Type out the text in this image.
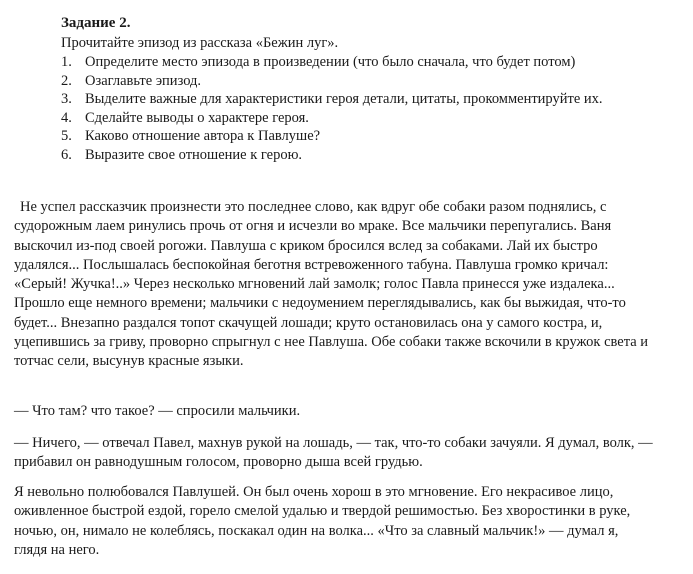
Задание 2.
Прочитайте эпизод из рассказа «Бежин луг».
1. Определите место эпизода в произведении (что было сначала, что будет потом)
2. Озаглавьте эпизод.
3. Выделите важные для характеристики героя детали, цитаты, прокомментируйте их.
4. Сделайте выводы о характере героя.
5. Каково отношение автора к Павлуше?
6. Выразите свое отношение к герою.

Не успел рассказчик произнести это последнее слово, как вдруг обе собаки разом поднялись, с судорожным лаем ринулись прочь от огня и исчезли во мраке. Все мальчики перепугались. Ваня выскочил из-под своей рогожи. Павлуша с криком бросился вслед за собаками. Лай их быстро удалялся... Послышалась беспокойная беготня встревоженного табуна. Павлуша громко кричал: «Серый! Жучка!..» Через несколько мгновений лай замолк; голос Павла принесся уже издалека... Прошло еще немного времени; мальчики с недоумением переглядывались, как бы выжидая, что-то будет... Внезапно раздался топот скачущей лошади; круто остановилась она у самого костра, и, уцепившись за гриву, проворно спрыгнул с нее Павлуша. Обе собаки также вскочили в кружок света и тотчас сели, высунув красные языки.

— Что там? что такое? — спросили мальчики.

— Ничего, — отвечал Павел, махнув рукой на лошадь, — так, что-то собаки зачуяли. Я думал, волк, — прибавил он равнодушным голосом, проворно дыша всей грудью.

Я невольно полюбовался Павлушей. Он был очень хорош в это мгновение. Его некрасивое лицо, оживленное быстрой ездой, горело смелой удалью и твердой решимостью. Без хворостинки в руке, ночью, он, нимало не колеблясь, поскакал один на волка... «Что за славный мальчик!» — думал я, глядя на него.
